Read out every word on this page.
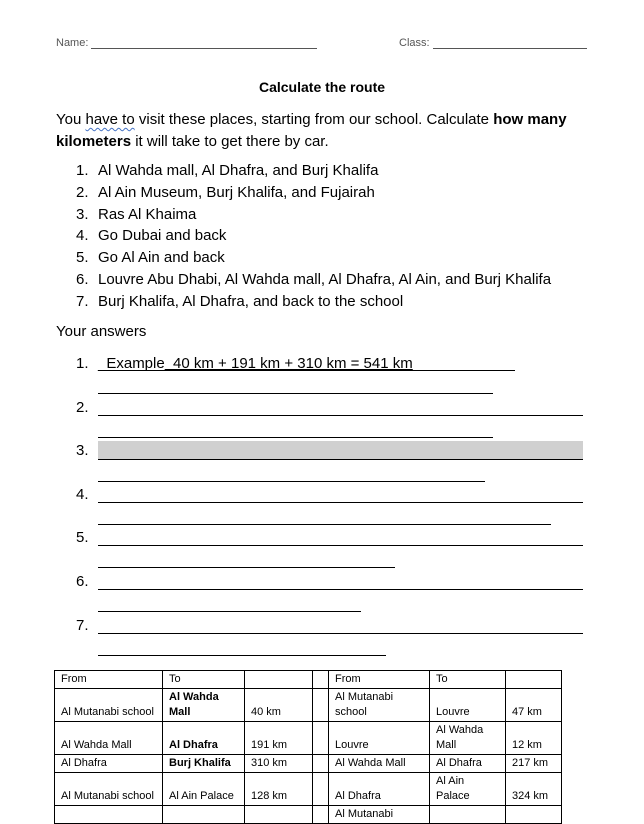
Name:	Class:
Calculate the route
You have to visit these places, starting from our school. Calculate how many kilometers it will take to get there by car.
1. Al Wahda mall, Al Dhafra, and Burj Khalifa
2. Al Ain Museum, Burj Khalifa, and Fujairah
3. Ras Al Khaima
4. Go Dubai and back
5. Go Al Ain and back
6. Louvre Abu Dhabi, Al Wahda mall, Al Dhafra, Al Ain, and Burj Khalifa
7. Burj Khalifa, Al Dhafra, and back to the school
Your answers
1. _Example_40 km + 191 km + 310 km = 541 km
2.
3.
4.
5.
6.
7.
From	To			From	To	
Al Mutanabi school	Al Wahda Mall	40 km		Al Mutanabi school	Louvre	47 km
Al Wahda Mall	Al Dhafra	191 km		Louvre	Al Wahda Mall	12 km
Al Dhafra	Burj Khalifa	310 km		Al Wahda Mall	Al Dhafra	217 km
Al Mutanabi school	Al Ain Palace	128 km		Al Dhafra	Al Ain Palace	324 km
				Al Mutanabi		
